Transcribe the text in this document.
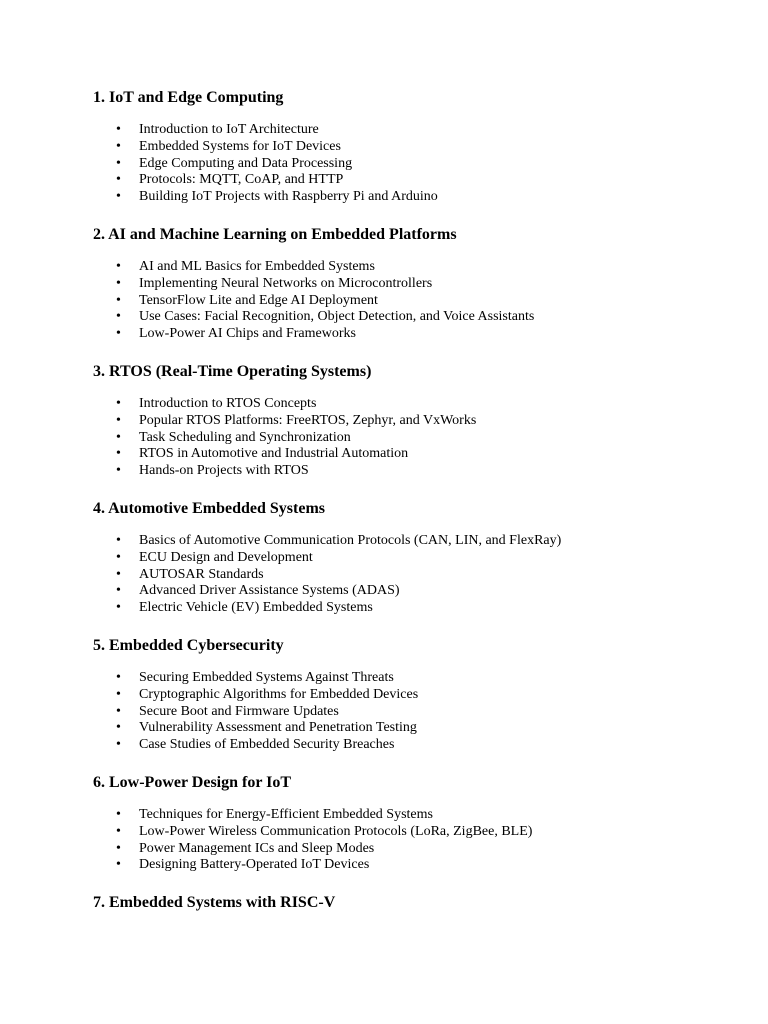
1. IoT and Edge Computing
•	Introduction to IoT Architecture
•	Embedded Systems for IoT Devices
•	Edge Computing and Data Processing
•	Protocols: MQTT, CoAP, and HTTP
•	Building IoT Projects with Raspberry Pi and Arduino
2. AI and Machine Learning on Embedded Platforms
•	AI and ML Basics for Embedded Systems
•	Implementing Neural Networks on Microcontrollers
•	TensorFlow Lite and Edge AI Deployment
•	Use Cases: Facial Recognition, Object Detection, and Voice Assistants
•	Low-Power AI Chips and Frameworks
3. RTOS (Real-Time Operating Systems)
•	Introduction to RTOS Concepts
•	Popular RTOS Platforms: FreeRTOS, Zephyr, and VxWorks
•	Task Scheduling and Synchronization
•	RTOS in Automotive and Industrial Automation
•	Hands-on Projects with RTOS
4. Automotive Embedded Systems
•	Basics of Automotive Communication Protocols (CAN, LIN, and FlexRay)
•	ECU Design and Development
•	AUTOSAR Standards
•	Advanced Driver Assistance Systems (ADAS)
•	Electric Vehicle (EV) Embedded Systems
5. Embedded Cybersecurity
•	Securing Embedded Systems Against Threats
•	Cryptographic Algorithms for Embedded Devices
•	Secure Boot and Firmware Updates
•	Vulnerability Assessment and Penetration Testing
•	Case Studies of Embedded Security Breaches
6. Low-Power Design for IoT
•	Techniques for Energy-Efficient Embedded Systems
•	Low-Power Wireless Communication Protocols (LoRa, ZigBee, BLE)
•	Power Management ICs and Sleep Modes
•	Designing Battery-Operated IoT Devices
7. Embedded Systems with RISC-V
